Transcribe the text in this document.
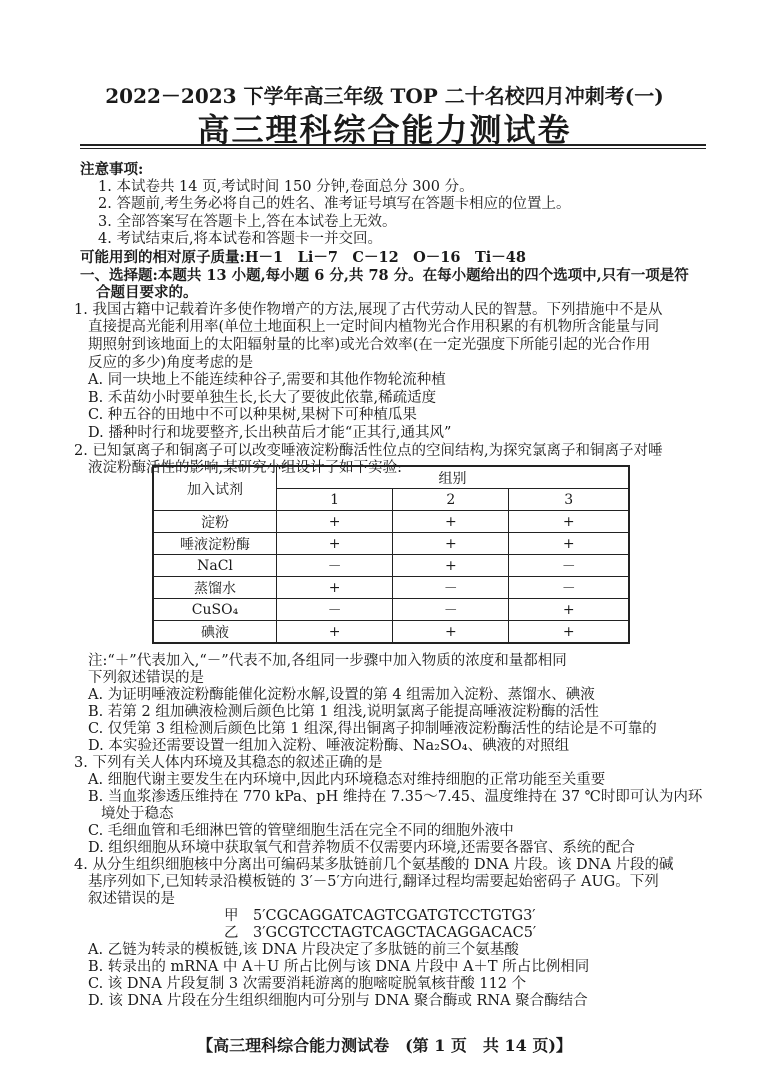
2022－2023 下学年高三年级 TOP 二十名校四月冲刺考(一)
高三理科综合能力测试卷
注意事项:
1. 本试卷共 14 页,考试时间 150 分钟,卷面总分 300 分。
2. 答题前,考生务必将自己的姓名、准考证号填写在答题卡相应的位置上。
3. 全部答案写在答题卡上,答在本试卷上无效。
4. 考试结束后,将本试卷和答题卡一并交回。
可能用到的相对原子质量:H－1　Li－7　C－12　O－16　Ti－48
一、选择题:本题共 13 小题,每小题 6 分,共 78 分。在每小题给出的四个选项中,只有一项是符
合题目要求的。
1. 我国古籍中记载着许多使作物增产的方法,展现了古代劳动人民的智慧。下列措施中不是从
直接提高光能利用率(单位土地面积上一定时间内植物光合作用积累的有机物所含能量与同
期照射到该地面上的太阳辐射量的比率)或光合效率(在一定光强度下所能引起的光合作用
反应的多少)角度考虑的是
A. 同一块地上不能连续种谷子,需要和其他作物轮流种植
B. 禾苗幼小时要单独生长,长大了要彼此依靠,稀疏适度
C. 种五谷的田地中不可以种果树,果树下可种植瓜果
D. 播种时行和垅要整齐,长出秧苗后才能“正其行,通其风”
2. 已知氯离子和铜离子可以改变唾液淀粉酶活性位点的空间结构,为探究氯离子和铜离子对唾
液淀粉酶活性的影响,某研究小组设计了如下实验:
加入试剂	组别		
	1	2	3
淀粉	+	+	+
唾液淀粉酶	+	+	+
NaCl	－	+	－
蒸馏水	+	－	－
CuSO₄	－	－	+
碘液	+	+	+
注:“＋”代表加入,“－”代表不加,各组同一步骤中加入物质的浓度和量都相同
下列叙述错误的是
A. 为证明唾液淀粉酶能催化淀粉水解,设置的第 4 组需加入淀粉、蒸馏水、碘液
B. 若第 2 组加碘液检测后颜色比第 1 组浅,说明氯离子能提高唾液淀粉酶的活性
C. 仅凭第 3 组检测后颜色比第 1 组深,得出铜离子抑制唾液淀粉酶活性的结论是不可靠的
D. 本实验还需要设置一组加入淀粉、唾液淀粉酶、Na₂SO₄、碘液的对照组
3. 下列有关人体内环境及其稳态的叙述正确的是
A. 细胞代谢主要发生在内环境中,因此内环境稳态对维持细胞的正常功能至关重要
B. 当血浆渗透压维持在 770 kPa、pH 维持在 7.35～7.45、温度维持在 37 ℃时即可认为内环
境处于稳态
C. 毛细血管和毛细淋巴管的管壁细胞生活在完全不同的细胞外液中
D. 组织细胞从环境中获取氧气和营养物质不仅需要内环境,还需要各器官、系统的配合
4. 从分生组织细胞核中分离出可编码某多肽链前几个氨基酸的 DNA 片段。该 DNA 片段的碱
基序列如下,已知转录沿模板链的 3′－5′方向进行,翻译过程均需要起始密码子 AUG。下列
叙述错误的是
甲　5′CGCAGGATCAGTCGATGTCCTGTG3′
乙　3′GCGTCCTAGTCAGCTACAGGACAC5′
A. 乙链为转录的模板链,该 DNA 片段决定了多肽链的前三个氨基酸
B. 转录出的 mRNA 中 A＋U 所占比例与该 DNA 片段中 A＋T 所占比例相同
C. 该 DNA 片段复制 3 次需要消耗游离的胞嘧啶脱氧核苷酸 112 个
D. 该 DNA 片段在分生组织细胞内可分别与 DNA 聚合酶或 RNA 聚合酶结合
【高三理科综合能力测试卷　(第 1 页　共 14 页)】
